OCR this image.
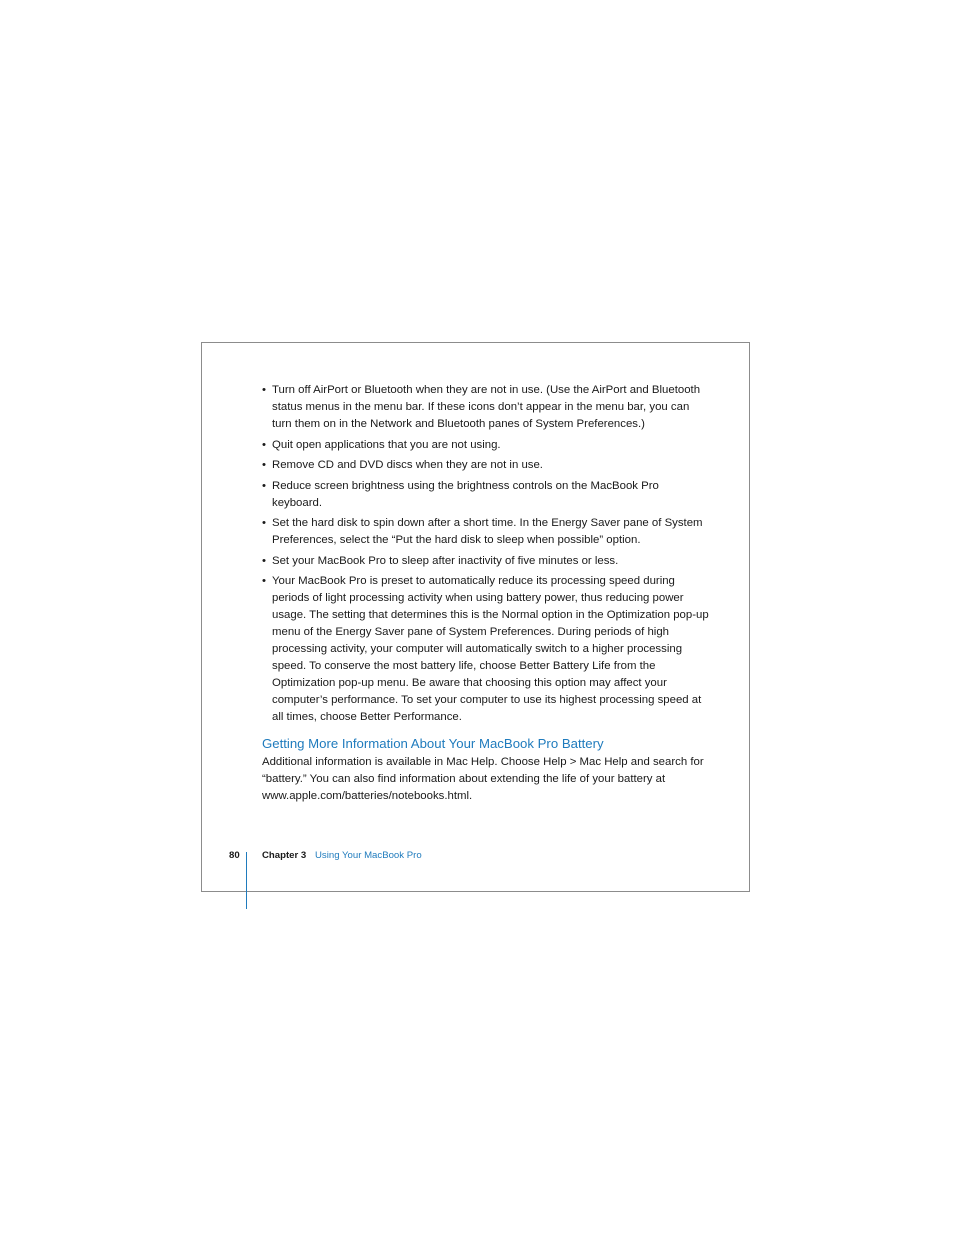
• Turn off AirPort or Bluetooth when they are not in use. (Use the AirPort and Bluetooth status menus in the menu bar. If these icons don’t appear in the menu bar, you can turn them on in the Network and Bluetooth panes of System Preferences.)
• Quit open applications that you are not using.
• Remove CD and DVD discs when they are not in use.
• Reduce screen brightness using the brightness controls on the MacBook Pro keyboard.
• Set the hard disk to spin down after a short time. In the Energy Saver pane of System Preferences, select the “Put the hard disk to sleep when possible” option.
• Set your MacBook Pro to sleep after inactivity of five minutes or less.
• Your MacBook Pro is preset to automatically reduce its processing speed during periods of light processing activity when using battery power, thus reducing power usage. The setting that determines this is the Normal option in the Optimization pop-up menu of the Energy Saver pane of System Preferences. During periods of high processing activity, your computer will automatically switch to a higher processing speed. To conserve the most battery life, choose Better Battery Life from the Optimization pop-up menu. Be aware that choosing this option may affect your computer’s performance. To set your computer to use its highest processing speed at all times, choose Better Performance.
Getting More Information About Your MacBook Pro Battery

Additional information is available in Mac Help. Choose Help > Mac Help and search for “battery.” You can also find information about extending the life of your battery at www.apple.com/batteries/notebooks.html.

80 Chapter 3 Using Your MacBook Pro
